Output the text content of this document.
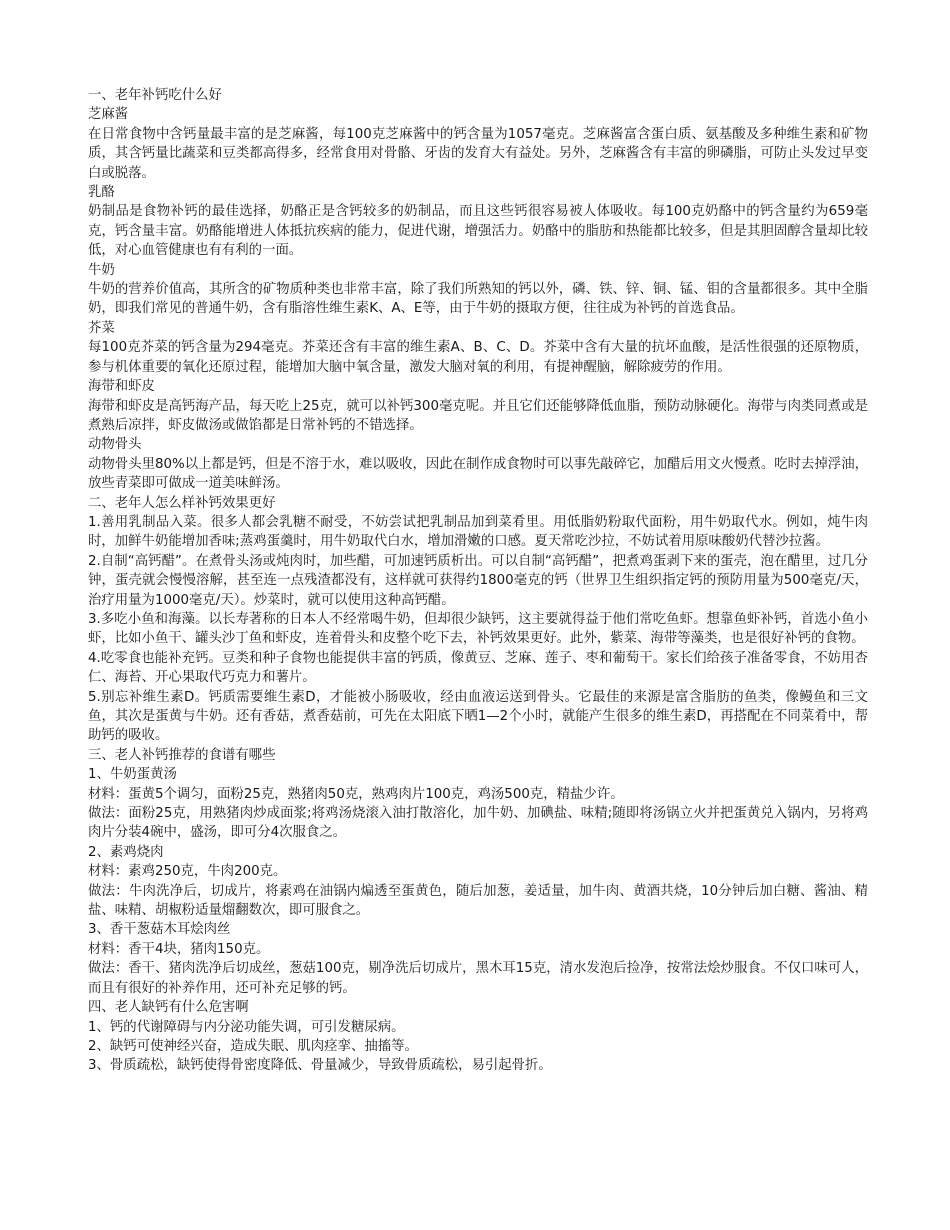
一、老年补钙吃什么好

芝麻酱

在日常食物中含钙量最丰富的是芝麻酱，每100克芝麻酱中的钙含量为1057毫克。芝麻酱富含蛋白质、氨基酸及多种维生素和矿物质，其含钙量比蔬菜和豆类都高得多，经常食用对骨骼、牙齿的发育大有益处。另外，芝麻酱含有丰富的卵磷脂，可防止头发过早变白或脱落。

乳酪

奶制品是食物补钙的最佳选择，奶酪正是含钙较多的奶制品，而且这些钙很容易被人体吸收。每100克奶酪中的钙含量约为659毫克，钙含量丰富。奶酪能增进人体抵抗疾病的能力，促进代谢，增强活力。奶酪中的脂肪和热能都比较多，但是其胆固醇含量却比较低，对心血管健康也有有利的一面。

牛奶

牛奶的营养价值高，其所含的矿物质种类也非常丰富，除了我们所熟知的钙以外，磷、铁、锌、铜、锰、钼的含量都很多。其中全脂奶，即我们常见的普通牛奶，含有脂溶性维生素K、A、E等，由于牛奶的摄取方便，往往成为补钙的首选食品。

芥菜

每100克芥菜的钙含量为294毫克。芥菜还含有丰富的维生素A、B、C、D。芥菜中含有大量的抗坏血酸，是活性很强的还原物质，参与机体重要的氧化还原过程，能增加大脑中氧含量，激发大脑对氧的利用，有提神醒脑，解除疲劳的作用。

海带和虾皮

海带和虾皮是高钙海产品，每天吃上25克，就可以补钙300毫克呢。并且它们还能够降低血脂，预防动脉硬化。海带与肉类同煮或是煮熟后凉拌，虾皮做汤或做馅都是日常补钙的不错选择。

动物骨头

动物骨头里80%以上都是钙，但是不溶于水，难以吸收，因此在制作成食物时可以事先敲碎它，加醋后用文火慢煮。吃时去掉浮油，放些青菜即可做成一道美味鲜汤。

二、老年人怎么样补钙效果更好

1.善用乳制品入菜。很多人都会乳糖不耐受，不妨尝试把乳制品加到菜肴里。用低脂奶粉取代面粉，用牛奶取代水。例如，炖牛肉时，加鲜牛奶能增加香味;蒸鸡蛋羹时，用牛奶取代白水，增加滑嫩的口感。夏天常吃沙拉，不妨试着用原味酸奶代替沙拉酱。

2.自制“高钙醋”。在煮骨头汤或炖肉时，加些醋，可加速钙质析出。可以自制“高钙醋”，把煮鸡蛋剥下来的蛋壳，泡在醋里，过几分钟，蛋壳就会慢慢溶解，甚至连一点残渣都没有，这样就可获得约1800毫克的钙（世界卫生组织指定钙的预防用量为500毫克/天，治疗用量为1000毫克/天）。炒菜时，就可以使用这种高钙醋。

3.多吃小鱼和海藻。以长寿著称的日本人不经常喝牛奶，但却很少缺钙，这主要就得益于他们常吃鱼虾。想靠鱼虾补钙，首选小鱼小虾，比如小鱼干、罐头沙丁鱼和虾皮，连着骨头和皮整个吃下去，补钙效果更好。此外，紫菜、海带等藻类，也是很好补钙的食物。

4.吃零食也能补充钙。豆类和种子食物也能提供丰富的钙质，像黄豆、芝麻、莲子、枣和葡萄干。家长们给孩子准备零食，不妨用杏仁、海苔、开心果取代巧克力和薯片。

5.别忘补维生素D。钙质需要维生素D，才能被小肠吸收，经由血液运送到骨头。它最佳的来源是富含脂肪的鱼类，像鳗鱼和三文鱼，其次是蛋黄与牛奶。还有香菇，煮香菇前，可先在太阳底下晒1—2个小时，就能产生很多的维生素D，再搭配在不同菜肴中，帮助钙的吸收。

三、老人补钙推荐的食谱有哪些

1、牛奶蛋黄汤

材料：蛋黄5个调匀，面粉25克，熟猪肉50克，熟鸡肉片100克，鸡汤500克，精盐少许。

做法：面粉25克，用熟猪肉炒成面浆;将鸡汤烧滚入油打散溶化，加牛奶、加碘盐、味精;随即将汤锅立火并把蛋黄兑入锅内，另将鸡肉片分装4碗中，盛汤，即可分4次服食之。

2、素鸡烧肉

材料：素鸡250克，牛肉200克。

做法：牛肉洗净后，切成片，将素鸡在油锅内煸透至蛋黄色，随后加葱，姜适量，加牛肉、黄酒共烧，10分钟后加白糖、酱油、精盐、味精、胡椒粉适量熘翻数次，即可服食之。

3、香干葱菇木耳烩肉丝

材料：香干4块，猪肉150克。

做法：香干、猪肉洗净后切成丝，葱菇100克，剔净洗后切成片，黑木耳15克，清水发泡后捡净，按常法烩炒服食。不仅口味可人，而且有很好的补养作用，还可补充足够的钙。

四、老人缺钙有什么危害啊

1、钙的代谢障碍与内分泌功能失调，可引发糖尿病。

2、缺钙可使神经兴奋，造成失眠、肌肉痉挛、抽搐等。

3、骨质疏松，缺钙使得骨密度降低、骨量减少，导致骨质疏松，易引起骨折。
